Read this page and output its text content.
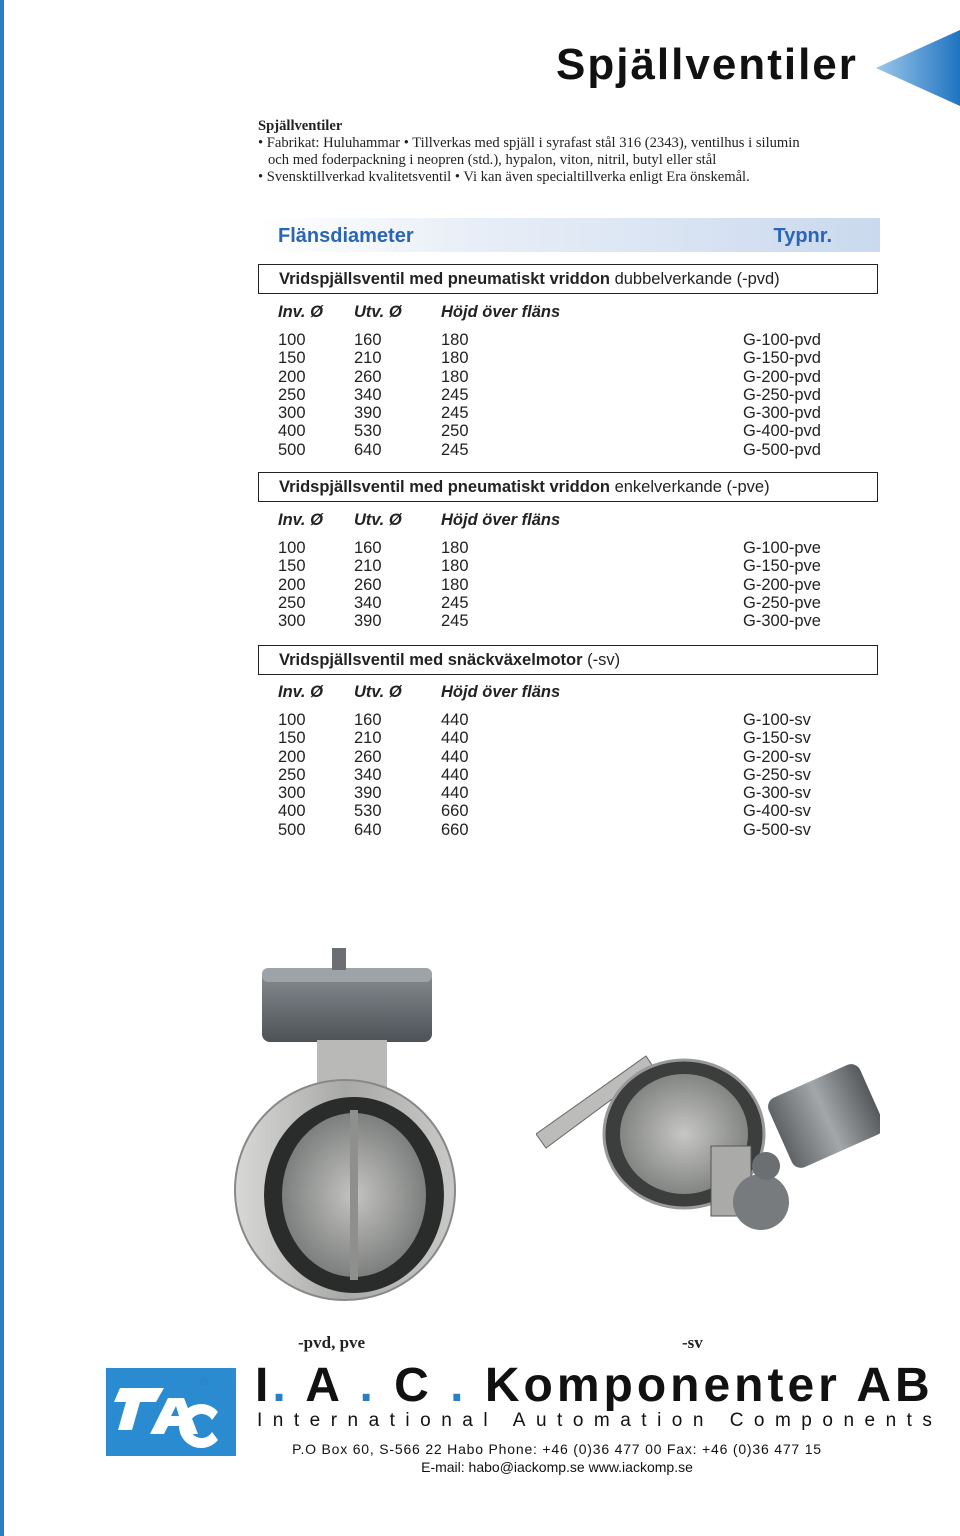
Spjällventiler

Spjällventiler

• Fabrikat: Huluhammar • Tillverkas med spjäll i syrafast stål 316 (2343), ventilhus i silumin

och med foderpackning i neopren (std.), hypalon, viton, nitril, butyl eller stål

• Svensktillverkad kvalitetsventil • Vi kan även specialtillverka enligt Era önskemål.

Flänsdiameter	Typnr.
Vridspjällsventil med pneumatiskt vriddon dubbelverkande (-pvd)
Inv. Ø Utv. Ø Höjd över fläns
100	160	180	G-100-pvd
150	210	180	G-150-pvd
200	260	180	G-200-pvd
250	340	245	G-250-pvd
300	390	245	G-300-pvd
400	530	250	G-400-pvd
500	640	245	G-500-pvd
Vridspjällsventil med pneumatiskt vriddon enkelverkande (-pve)
Inv. Ø Utv. Ø Höjd över fläns
100	160	180	G-100-pve
150	210	180	G-150-pve
200	260	180	G-200-pve
250	340	245	G-250-pve
300	390	245	G-300-pve
Vridspjällsventil med snäckväxelmotor (-sv)
Inv. Ø Utv. Ø Höjd över fläns
100	160	440	G-100-sv
150	210	440	G-150-sv
200	260	440	G-200-sv
250	340	440	G-250-sv
300	390	440	G-300-sv
400	530	660	G-400-sv
500	640	660	G-500-sv
-pvd, pve	-sv
® I. A . C . Komponenter AB
International Automation Components
P.O Box 60, S-566 22 Habo Phone: +46 (0)36 477 00 Fax: +46 (0)36 477 15
E-mail: habo@iackomp.se www.iackomp.se
